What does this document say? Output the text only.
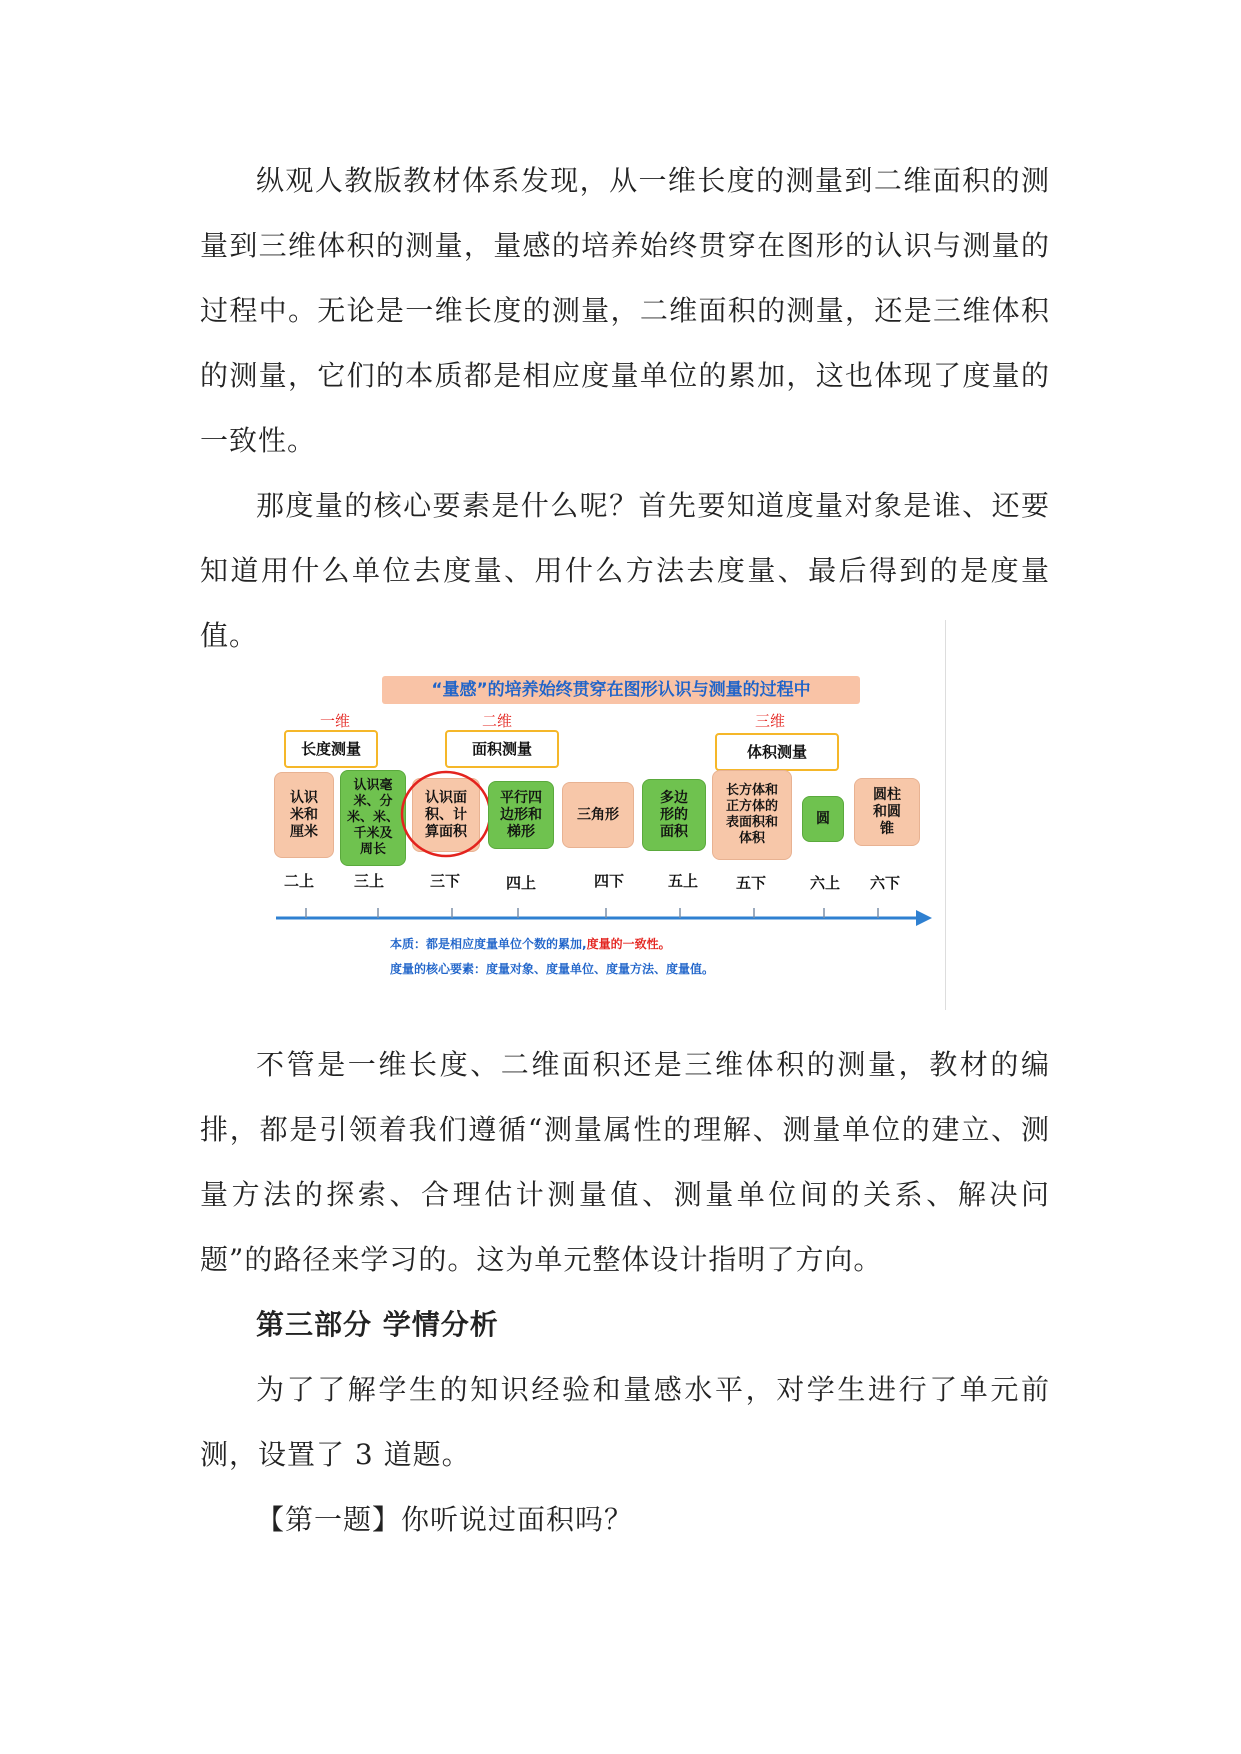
纵观人教版教材体系发现，从一维长度的测量到二维面积的测量到三维体积的测量，量感的培养始终贯穿在图形的认识与测量的过程中。无论是一维长度的测量，二维面积的测量，还是三维体积的测量，它们的本质都是相应度量单位的累加，这也体现了度量的一致性。

那度量的核心要素是什么呢？首先要知道度量对象是谁、还要知道用什么单位去度量、用什么方法去度量、最后得到的是度量值。

“量感”的培养始终贯穿在图形认识与测量的过程中
一维	二维	三维
长度测量	面积测量	体积测量
认识
米和
厘米
认识毫
米、分
米、米、
千米及
周长
认识面
积、计
算面积
平行四
边形和
梯形
三角形
多边
形的
面积
长方体和
正方体的
表面积和
体积
圆
圆柱
和圆
锥
二上	三上	三下	四上	四下	五上	五下	六上 六下
本质：都是相应度量单位个数的累加,度量的一致性。
度量的核心要素：度量对象、度量单位、度量方法、度量值。

不管是一维长度、二维面积还是三维体积的测量，教材的编排，都是引领着我们遵循“测量属性的理解、测量单位的建立、测量方法的探索、合理估计测量值、测量单位间的关系、解决问题”的路径来学习的。这为单元整体设计指明了方向。

第三部分 学情分析

为了了解学生的知识经验和量感水平，对学生进行了单元前测，设置了 3 道题。

【第一题】你听说过面积吗？
